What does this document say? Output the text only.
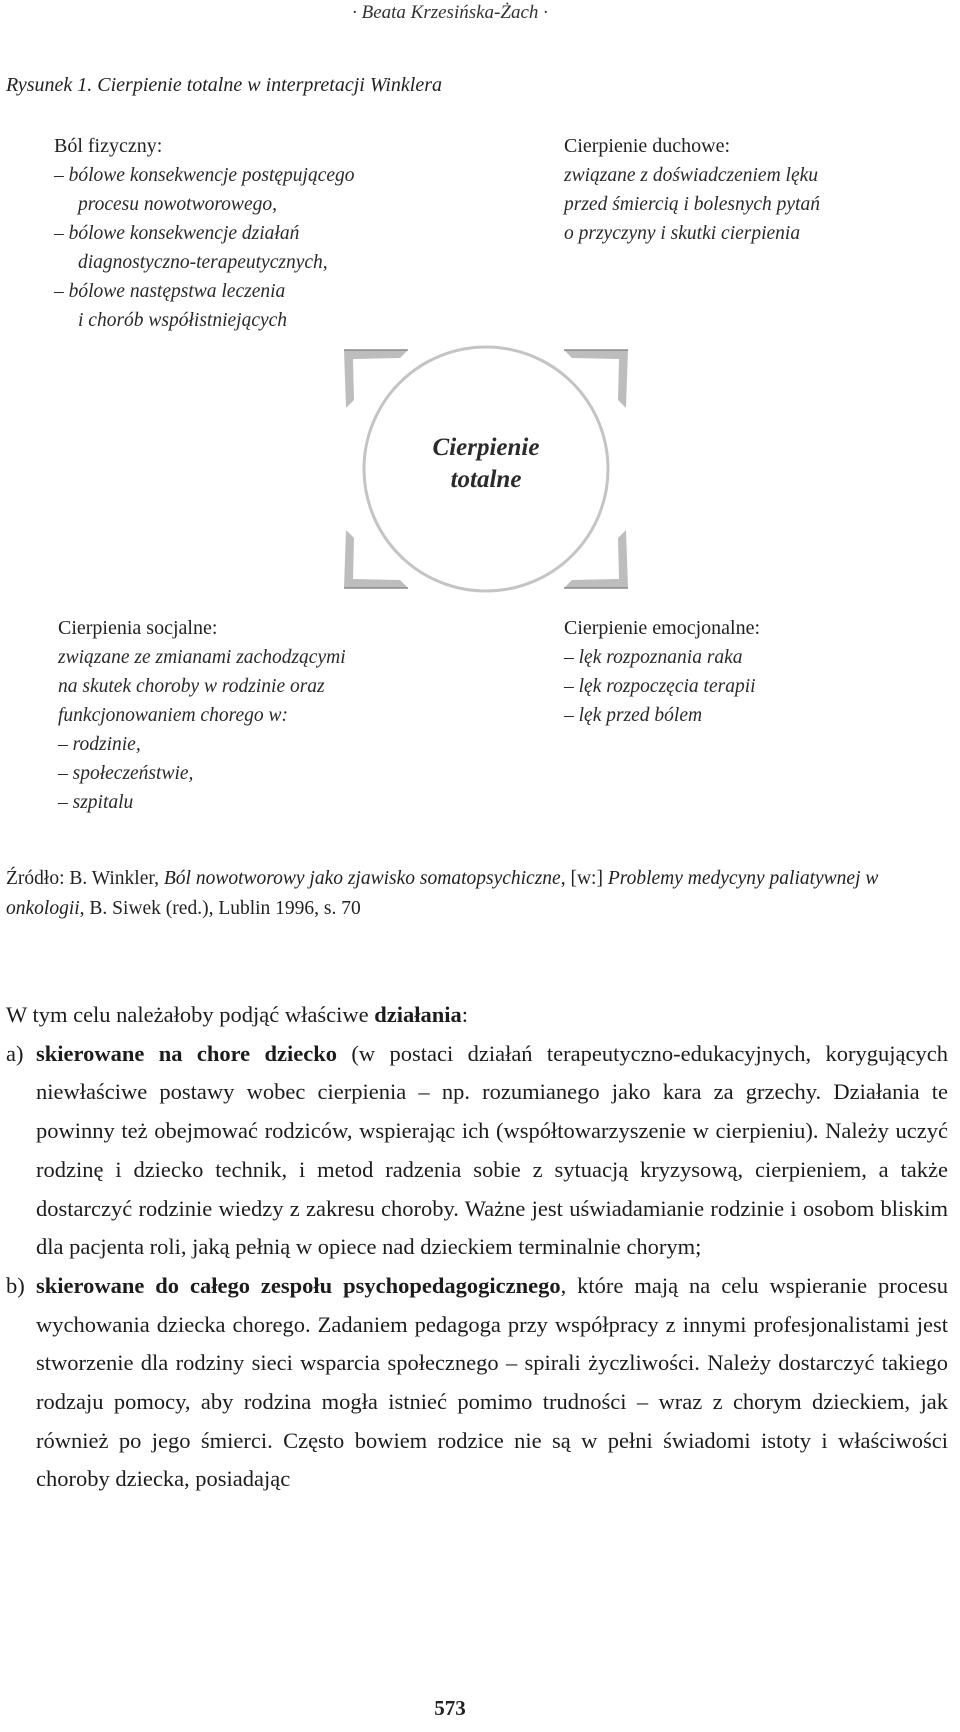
· Beata Krzesińska-Żach ·
Rysunek 1. Cierpienie totalne w interpretacji Winklera
Ból fizyczny:
– bólowe konsekwencje postępującego
procesu nowotworowego,
– bólowe konsekwencje działań
diagnostyczno-terapeutycznych,
– bólowe następstwa leczenia
i chorób współistniejących
Cierpienie duchowe:
związane z doświadczeniem lęku
przed śmiercią i bolesnych pytań
o przyczyny i skutki cierpienia
Cierpienie
totalne
Cierpienia socjalne:
związane ze zmianami zachodzącymi
na skutek choroby w rodzinie oraz
funkcjonowaniem chorego w:
– rodzinie,
– społeczeństwie,
– szpitalu
Cierpienie emocjonalne:
– lęk rozpoznania raka
– lęk rozpoczęcia terapii
– lęk przed bólem
Źródło: B. Winkler, Ból nowotworowy jako zjawisko somatopsychiczne, [w:] Problemy medycyny paliatywnej w onkologii, B. Siwek (red.), Lublin 1996, s. 70

W tym celu należałoby podjąć właściwe działania:

a) skierowane na chore dziecko (w postaci działań terapeutyczno-edukacyjnych, korygujących niewłaściwe postawy wobec cierpienia – np. rozumianego jako kara za grzechy. Działania te powinny też obejmować rodziców, wspierając ich (współtowarzyszenie w cierpieniu). Należy uczyć rodzinę i dziecko technik, i metod radzenia sobie z sytuacją kryzysową, cierpieniem, a także dostarczyć rodzinie wiedzy z zakresu choroby. Ważne jest uświadamianie rodzinie i osobom bliskim dla pacjenta roli, jaką pełnią w opiece nad dzieckiem terminalnie chorym;

b) skierowane do całego zespołu psychopedagogicznego, które mają na celu wspieranie procesu wychowania dziecka chorego. Zadaniem pedagoga przy współpracy z innymi profesjonalistami jest stworzenie dla rodziny sieci wsparcia społecznego – spirali życzliwości. Należy dostarczyć takiego rodzaju pomocy, aby rodzina mogła istnieć pomimo trudności – wraz z chorym dzieckiem, jak również po jego śmierci. Często bowiem rodzice nie są w pełni świadomi istoty i właściwości choroby dziecka, posiadając

573
